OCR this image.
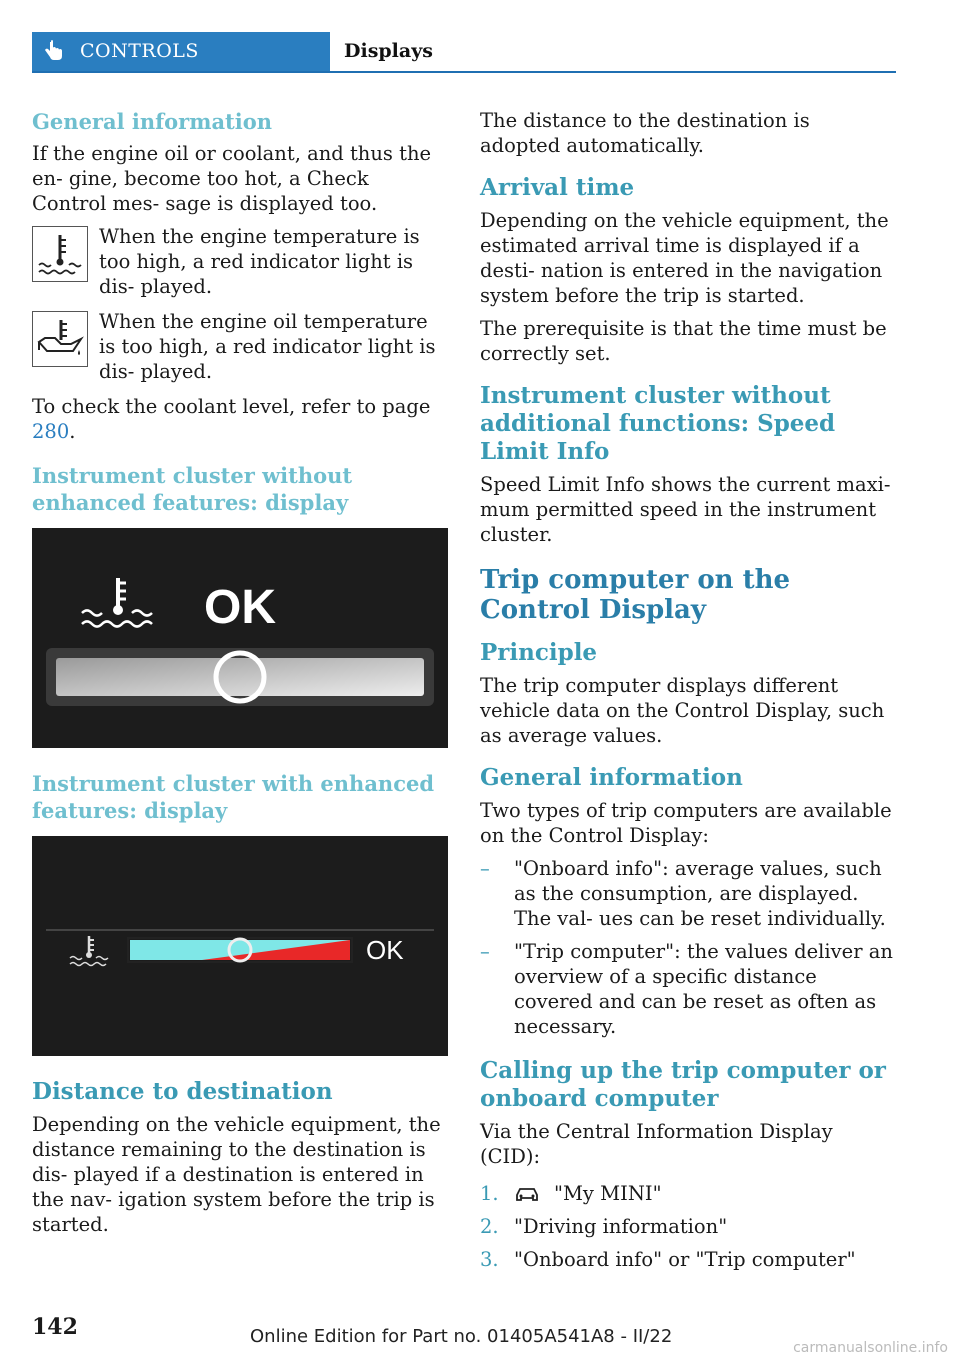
CONTROLS	Displays
General information

If the engine oil or coolant, and thus the en- gine, become too hot, a Check Control mes- sage is displayed too.

When the engine temperature is too high, a red indicator light is dis- played.

When the engine oil temperature is too high, a red indicator light is dis- played.

To check the coolant level, refer to page  280.

Instrument cluster without enhanced features: display
OK
Instrument cluster with enhanced features: display
OK
Distance to destination

Depending on the vehicle equipment, the distance remaining to the destination is dis- played if a destination is entered in the nav- igation system before the trip is started.

The distance to the destination is adopted automatically.

Arrival time

Depending on the vehicle equipment, the estimated arrival time is displayed if a desti- nation is entered in the navigation system before the trip is started.

The prerequisite is that the time must be correctly set.

Instrument cluster without additional functions: Speed Limit Info

Speed Limit Info shows the current maxi- mum permitted speed in the instrument cluster.

Trip computer on the Control Display
Principle

The trip computer displays different vehicle data on the Control Display, such as average values.

General information

Two types of trip computers are available on the Control Display:

– "Onboard info": average values, such as the consumption, are displayed. The val- ues can be reset individually.
– "Trip computer": the values deliver an overview of a specific distance covered and can be reset as often as necessary.
Calling up the trip computer or onboard computer

Via the Central Information Display (CID):

1.	"My MINI"
2. "Driving information"
3. "Onboard info" or "Trip computer"
142	Online Edition for Part no. 01405A541A8 - II/22
carmanualsonline.info
